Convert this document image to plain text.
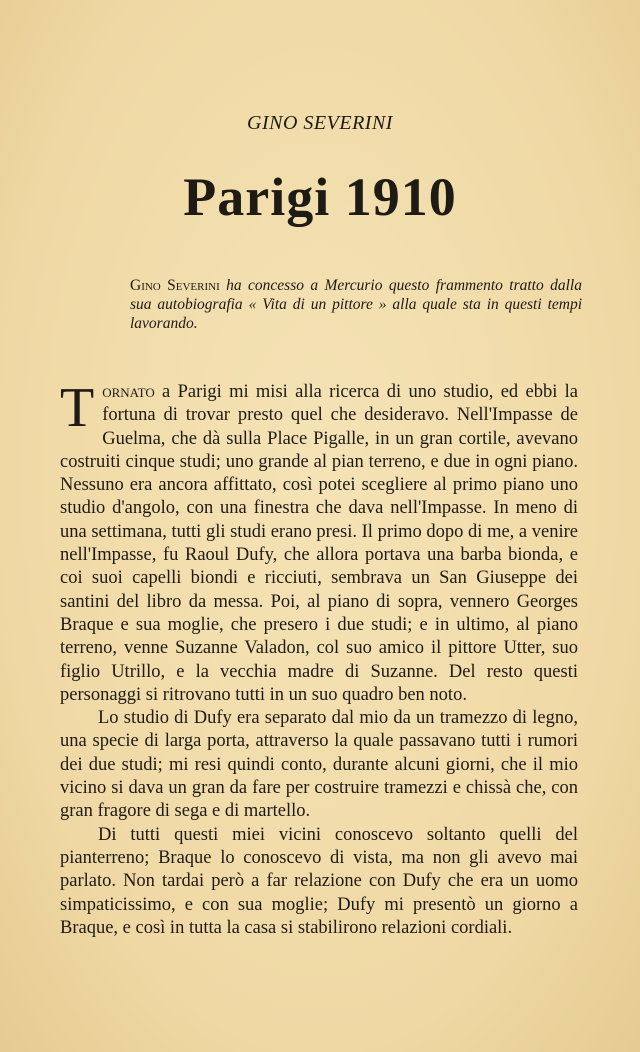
GINO SEVERINI
Parigi 1910
Gino Severini ha concesso a Mercurio questo frammento tratto dalla sua autobiografia « Vita di un pittore » alla quale sta in questi tempi lavorando.

Tornato a Parigi mi misi alla ricerca di uno studio, ed ebbi la fortuna di trovar presto quel che desideravo. Nell'Impasse de Guelma, che dà sulla Place Pigalle, in un gran cortile, avevano costruiti cinque studi; uno grande al pian terreno, e due in ogni piano. Nessuno era ancora affittato, così potei scegliere al primo piano uno studio d'angolo, con una finestra che dava nell'Impasse. In meno di una settimana, tutti gli studi erano presi. Il primo dopo di me, a venire nell'Impasse, fu Raoul Dufy, che allora portava una barba bionda, e coi suoi capelli biondi e ricciuti, sembrava un San Giuseppe dei santini del libro da messa. Poi, al piano di sopra, vennero Georges Braque e sua moglie, che presero i due studi; e in ultimo, al piano terreno, venne Suzanne Valadon, col suo amico il pittore Utter, suo figlio Utrillo, e la vecchia madre di Suzanne. Del resto questi personaggi si ritrovano tutti in un suo quadro ben noto.

Lo studio di Dufy era separato dal mio da un tramezzo di legno, una specie di larga porta, attraverso la quale passavano tutti i rumori dei due studi; mi resi quindi conto, durante alcuni giorni, che il mio vicino si dava un gran da fare per costruire tramezzi e chissà che, con gran fragore di sega e di martello.

Di tutti questi miei vicini conoscevo soltanto quelli del pianterreno; Braque lo conoscevo di vista, ma non gli avevo mai parlato. Non tardai però a far relazione con Dufy che era un uomo simpaticissimo, e con sua moglie; Dufy mi presentò un giorno a Braque, e così in tutta la casa si stabilirono relazioni cordiali.
